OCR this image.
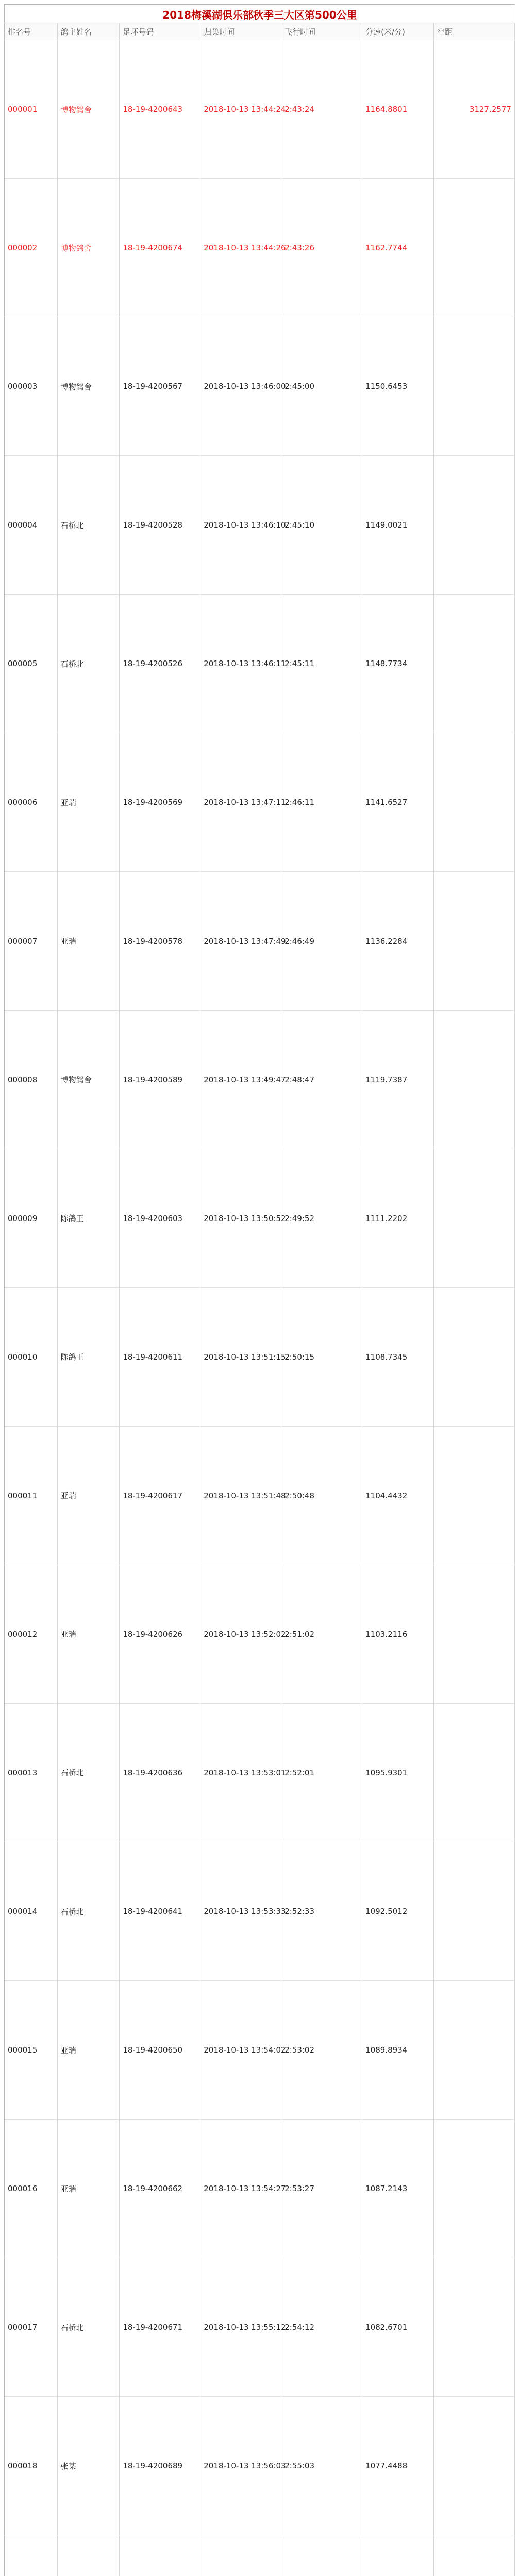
2018梅溪湖俱乐部秋季三大区第500公里
排名号	鸽主姓名	足环号码	归巢时间	飞行时间	分速(米/分)	空距
000001	博物鸽舍	18-19-4200643	2018-10-13 13:44:24	2:43:24	1164.8801	3127.2577
000002	博物鸽舍	18-19-4200674	2018-10-13 13:44:26	2:43:26	1162.7744	
000003	博物鸽舍	18-19-4200567	2018-10-13 13:46:00	2:45:00	1150.6453	
000004	石桥北	18-19-4200528	2018-10-13 13:46:10	2:45:10	1149.0021	
000005	石桥北	18-19-4200526	2018-10-13 13:46:11	2:45:11	1148.7734	
000006	亚瑞	18-19-4200569	2018-10-13 13:47:11	2:46:11	1141.6527	
000007	亚瑞	18-19-4200578	2018-10-13 13:47:49	2:46:49	1136.2284	
000008	博物鸽舍	18-19-4200589	2018-10-13 13:49:47	2:48:47	1119.7387	
000009	陈鸽王	18-19-4200603	2018-10-13 13:50:52	2:49:52	1111.2202	
000010	陈鸽王	18-19-4200611	2018-10-13 13:51:15	2:50:15	1108.7345	
000011	亚瑞	18-19-4200617	2018-10-13 13:51:48	2:50:48	1104.4432	
000012	亚瑞	18-19-4200626	2018-10-13 13:52:02	2:51:02	1103.2116	
000013	石桥北	18-19-4200636	2018-10-13 13:53:01	2:52:01	1095.9301	
000014	石桥北	18-19-4200641	2018-10-13 13:53:33	2:52:33	1092.5012	
000015	亚瑞	18-19-4200650	2018-10-13 13:54:02	2:53:02	1089.8934	
000016	亚瑞	18-19-4200662	2018-10-13 13:54:27	2:53:27	1087.2143	
000017	石桥北	18-19-4200671	2018-10-13 13:55:12	2:54:12	1082.6701	
000018	张某	18-19-4200689	2018-10-13 13:56:03	2:55:03	1077.4488	
